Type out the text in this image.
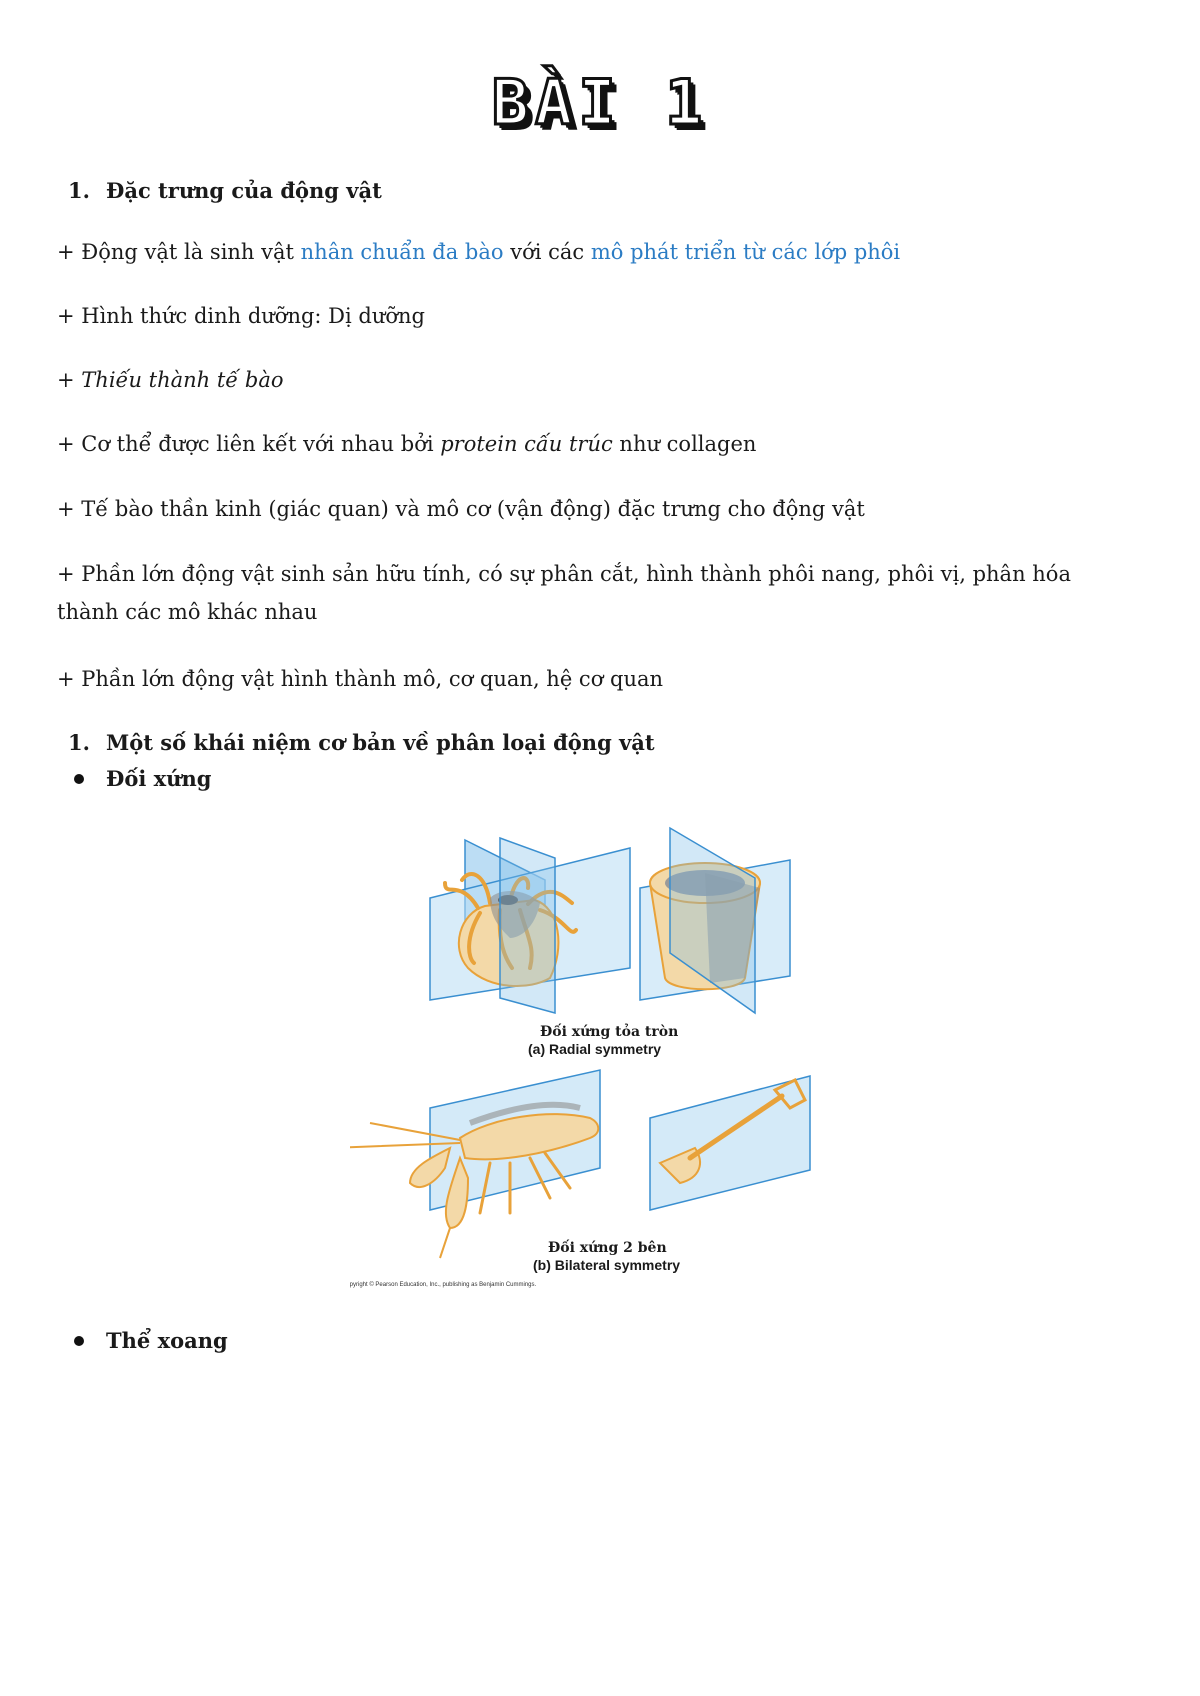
BÀI 1
1. Đặc trưng của động vật
+ Động vật là sinh vật nhân chuẩn đa bào với các mô phát triển từ các lớp phôi
+ Hình thức dinh dưỡng: Dị dưỡng
+ Thiếu thành tế bào
+ Cơ thể được liên kết với nhau bởi protein cấu trúc như collagen
+ Tế bào thần kinh (giác quan) và mô cơ (vận động) đặc trưng cho động vật
+ Phần lớn động vật sinh sản hữu tính, có sự phân cắt, hình thành phôi nang, phôi vị, phân hóa thành các mô khác nhau
+ Phần lớn động vật hình thành mô, cơ quan, hệ cơ quan
1. Một số khái niệm cơ bản về phân loại động vật
Đối xứng
Đối xứng tỏa tròn
(a) Radial symmetry
Đối xứng 2 bên
(b) Bilateral symmetry
Copyright © Pearson Education, Inc., publishing as Benjamin Cummings.
Thể xoang
